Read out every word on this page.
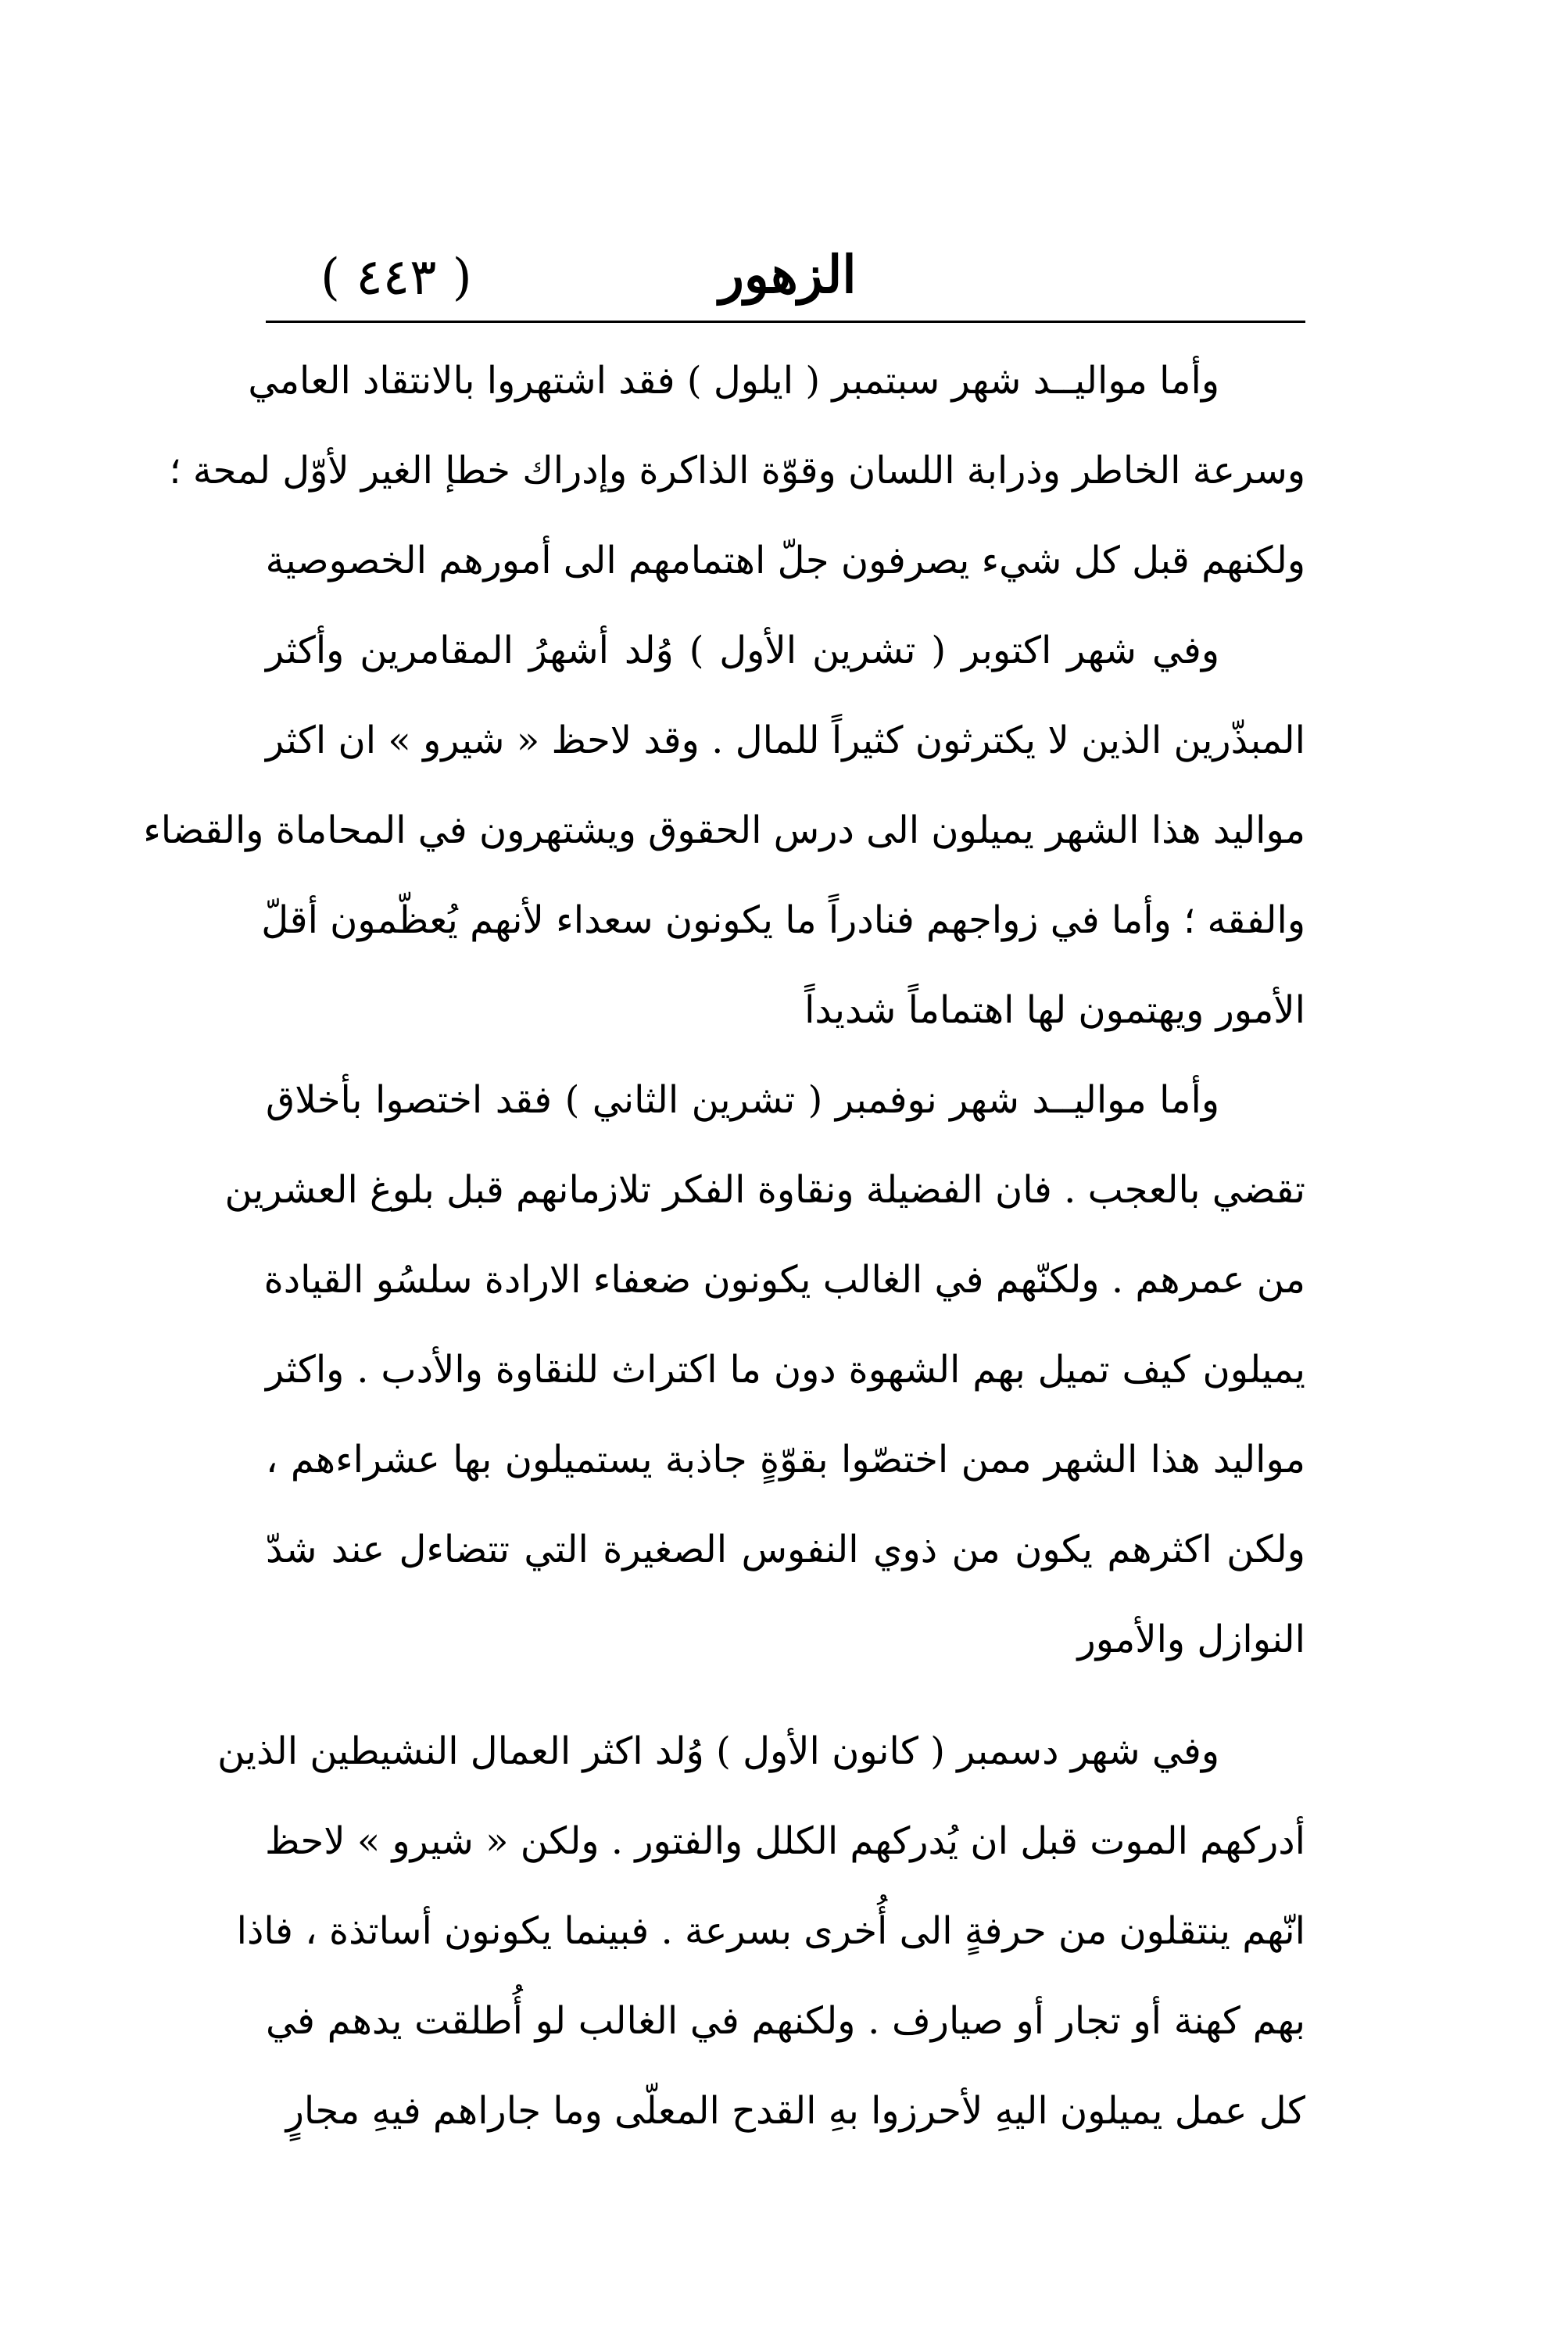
( ٤٤٣ )	الزهور
وأما مواليــد شهر سبتمبر ( ايلول ) فقد اشتهروا بالانتقاد العامي
وسرعة الخاطر وذرابة اللسان وقوّة الذاكرة وإدراك خطإ الغير لأوّل لمحة ؛
ولكنهم قبل كل شيء يصرفون جلّ اهتمامهم الى أمورهم الخصوصية
وفي شهر اكتوبر ( تشرين الأول ) وُلد أشهرُ المقامرين وأكثر
المبذّرين الذين لا يكترثون كثيراً للمال . وقد لاحظ « شيرو » ان اكثر
مواليد هذا الشهر يميلون الى درس الحقوق ويشتهرون في المحاماة والقضاء
والفقه ؛ وأما في زواجهم فنادراً ما يكونون سعداء لأنهم يُعظّمون أقلّ
الأمور ويهتمون لها اهتماماً شديداً
وأما مواليــد شهر نوفمبر ( تشرين الثاني ) فقد اختصوا بأخلاق
تقضي بالعجب . فان الفضيلة ونقاوة الفكر تلازمانهم قبل بلوغ العشرين
من عمرهم . ولكنّهم في الغالب يكونون ضعفاء الارادة سلسُو القيادة
يميلون كيف تميل بهم الشهوة دون ما اكتراث للنقاوة والأدب . واكثر
مواليد هذا الشهر ممن اختصّوا بقوّةٍ جاذبة يستميلون بها عشراءهم ،
ولكن اكثرهم يكون من ذوي النفوس الصغيرة التي تتضاءل عند شدّ
النوازل والأمور
وفي شهر دسمبر ( كانون الأول ) وُلد اكثر العمال النشيطين الذين
أدركهم الموت قبل ان يُدركهم الكلل والفتور . ولكن « شيرو » لاحظ
انّهم ينتقلون من حرفةٍ الى أُخرى بسرعة . فبينما يكونون أساتذة ، فاذا
بهم كهنة أو تجار أو صيارف . ولكنهم في الغالب لو أُطلقت يدهم في
كل عمل يميلون اليهِ لأحرزوا بهِ القدح المعلّى وما جاراهم فيهِ مجارٍ
